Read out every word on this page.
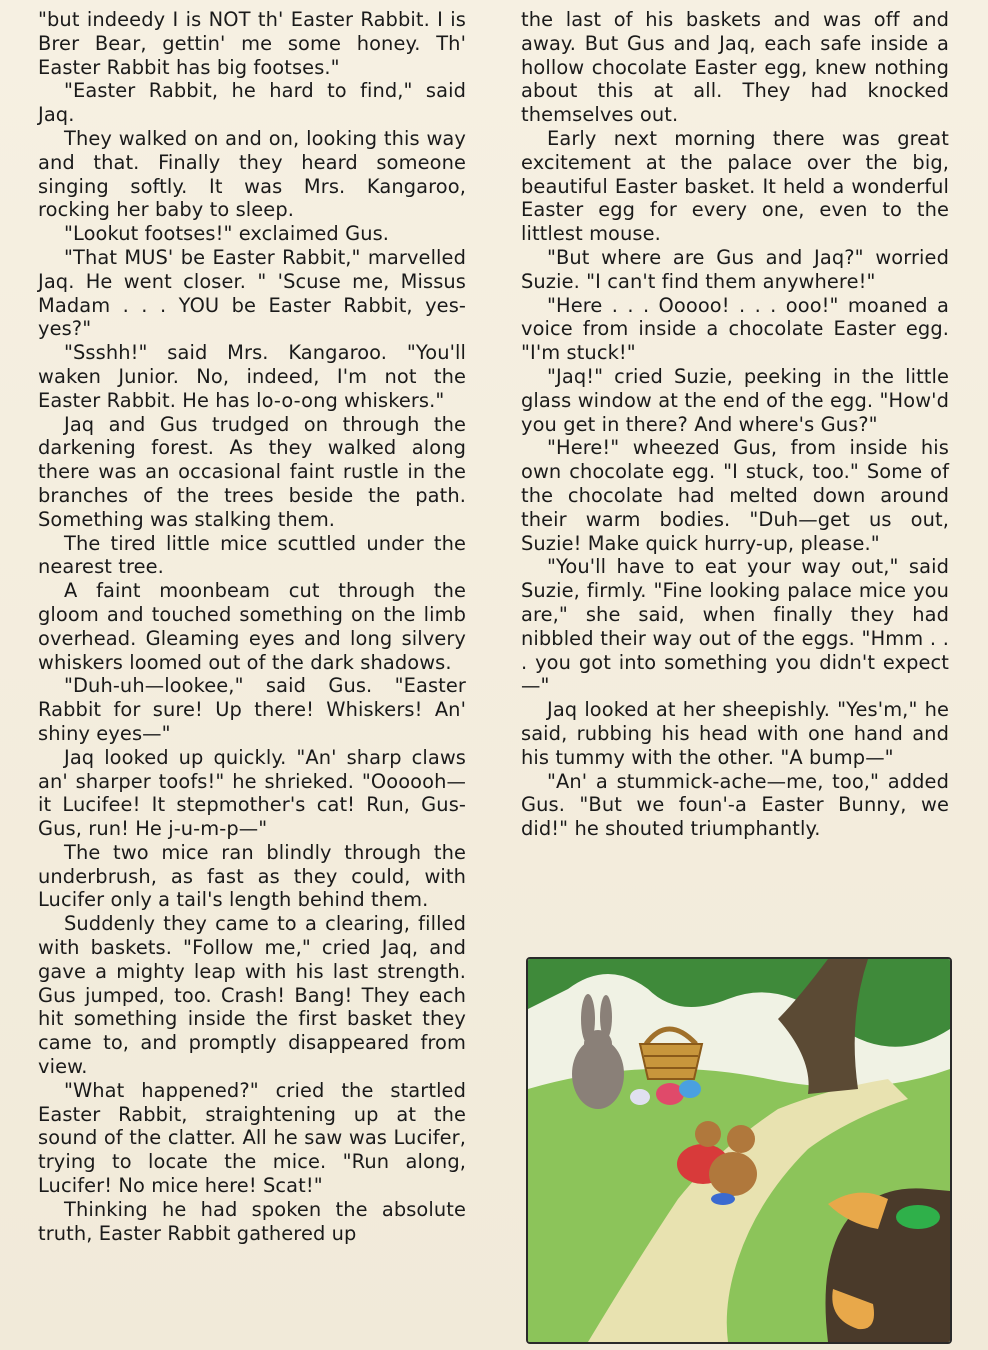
"but indeedy I is NOT th' Easter Rabbit. I is Brer Bear, gettin' me some honey. Th' Easter Rabbit has big footses."

"Easter Rabbit, he hard to find," said Jaq.

They walked on and on, looking this way and that. Finally they heard someone singing softly. It was Mrs. Kangaroo, rocking her baby to sleep.

"Lookut footses!" exclaimed Gus.

"That MUS' be Easter Rabbit," marvelled Jaq. He went closer. " 'Scuse me, Missus Madam . . . YOU be Easter Rabbit, yes-yes?"

"Ssshh!" said Mrs. Kangaroo. "You'll waken Junior. No, indeed, I'm not the Easter Rabbit. He has lo-o-ong whiskers."

Jaq and Gus trudged on through the darkening forest. As they walked along there was an occasional faint rustle in the branches of the trees beside the path. Something was stalking them.

The tired little mice scuttled under the nearest tree.

A faint moonbeam cut through the gloom and touched something on the limb overhead. Gleaming eyes and long silvery whiskers loomed out of the dark shadows.

"Duh-uh—lookee," said Gus. "Easter Rabbit for sure! Up there! Whiskers! An' shiny eyes—"

Jaq looked up quickly. "An' sharp claws an' sharper toofs!" he shrieked. "Oooooh—it Lucifee! It stepmother's cat! Run, Gus-Gus, run! He j-u-m-p—"

The two mice ran blindly through the underbrush, as fast as they could, with Lucifer only a tail's length behind them.

Suddenly they came to a clearing, filled with baskets. "Follow me," cried Jaq, and gave a mighty leap with his last strength. Gus jumped, too. Crash! Bang! They each hit something inside the first basket they came to, and promptly disappeared from view.

"What happened?" cried the startled Easter Rabbit, straightening up at the sound of the clatter. All he saw was Lucifer, trying to locate the mice. "Run along, Lucifer! No mice here! Scat!"

Thinking he had spoken the absolute truth, Easter Rabbit gathered up

the last of his baskets and was off and away. But Gus and Jaq, each safe inside a hollow chocolate Easter egg, knew nothing about this at all. They had knocked themselves out.

Early next morning there was great excitement at the palace over the big, beautiful Easter basket. It held a wonderful Easter egg for every one, even to the littlest mouse.

"But where are Gus and Jaq?" worried Suzie. "I can't find them anywhere!"

"Here . . . Ooooo! . . . ooo!" moaned a voice from inside a chocolate Easter egg. "I'm stuck!"

"Jaq!" cried Suzie, peeking in the little glass window at the end of the egg. "How'd you get in there? And where's Gus?"

"Here!" wheezed Gus, from inside his own chocolate egg. "I stuck, too." Some of the chocolate had melted down around their warm bodies. "Duh—get us out, Suzie! Make quick hurry-up, please."

"You'll have to eat your way out," said Suzie, firmly. "Fine looking palace mice you are," she said, when finally they had nibbled their way out of the eggs. "Hmm . . . you got into something you didn't expect—"

Jaq looked at her sheepishly. "Yes'm," he said, rubbing his head with one hand and his tummy with the other. "A bump—"

"An' a stummick-ache—me, too," added Gus. "But we foun'-a Easter Bunny, we did!" he shouted triumphantly.
